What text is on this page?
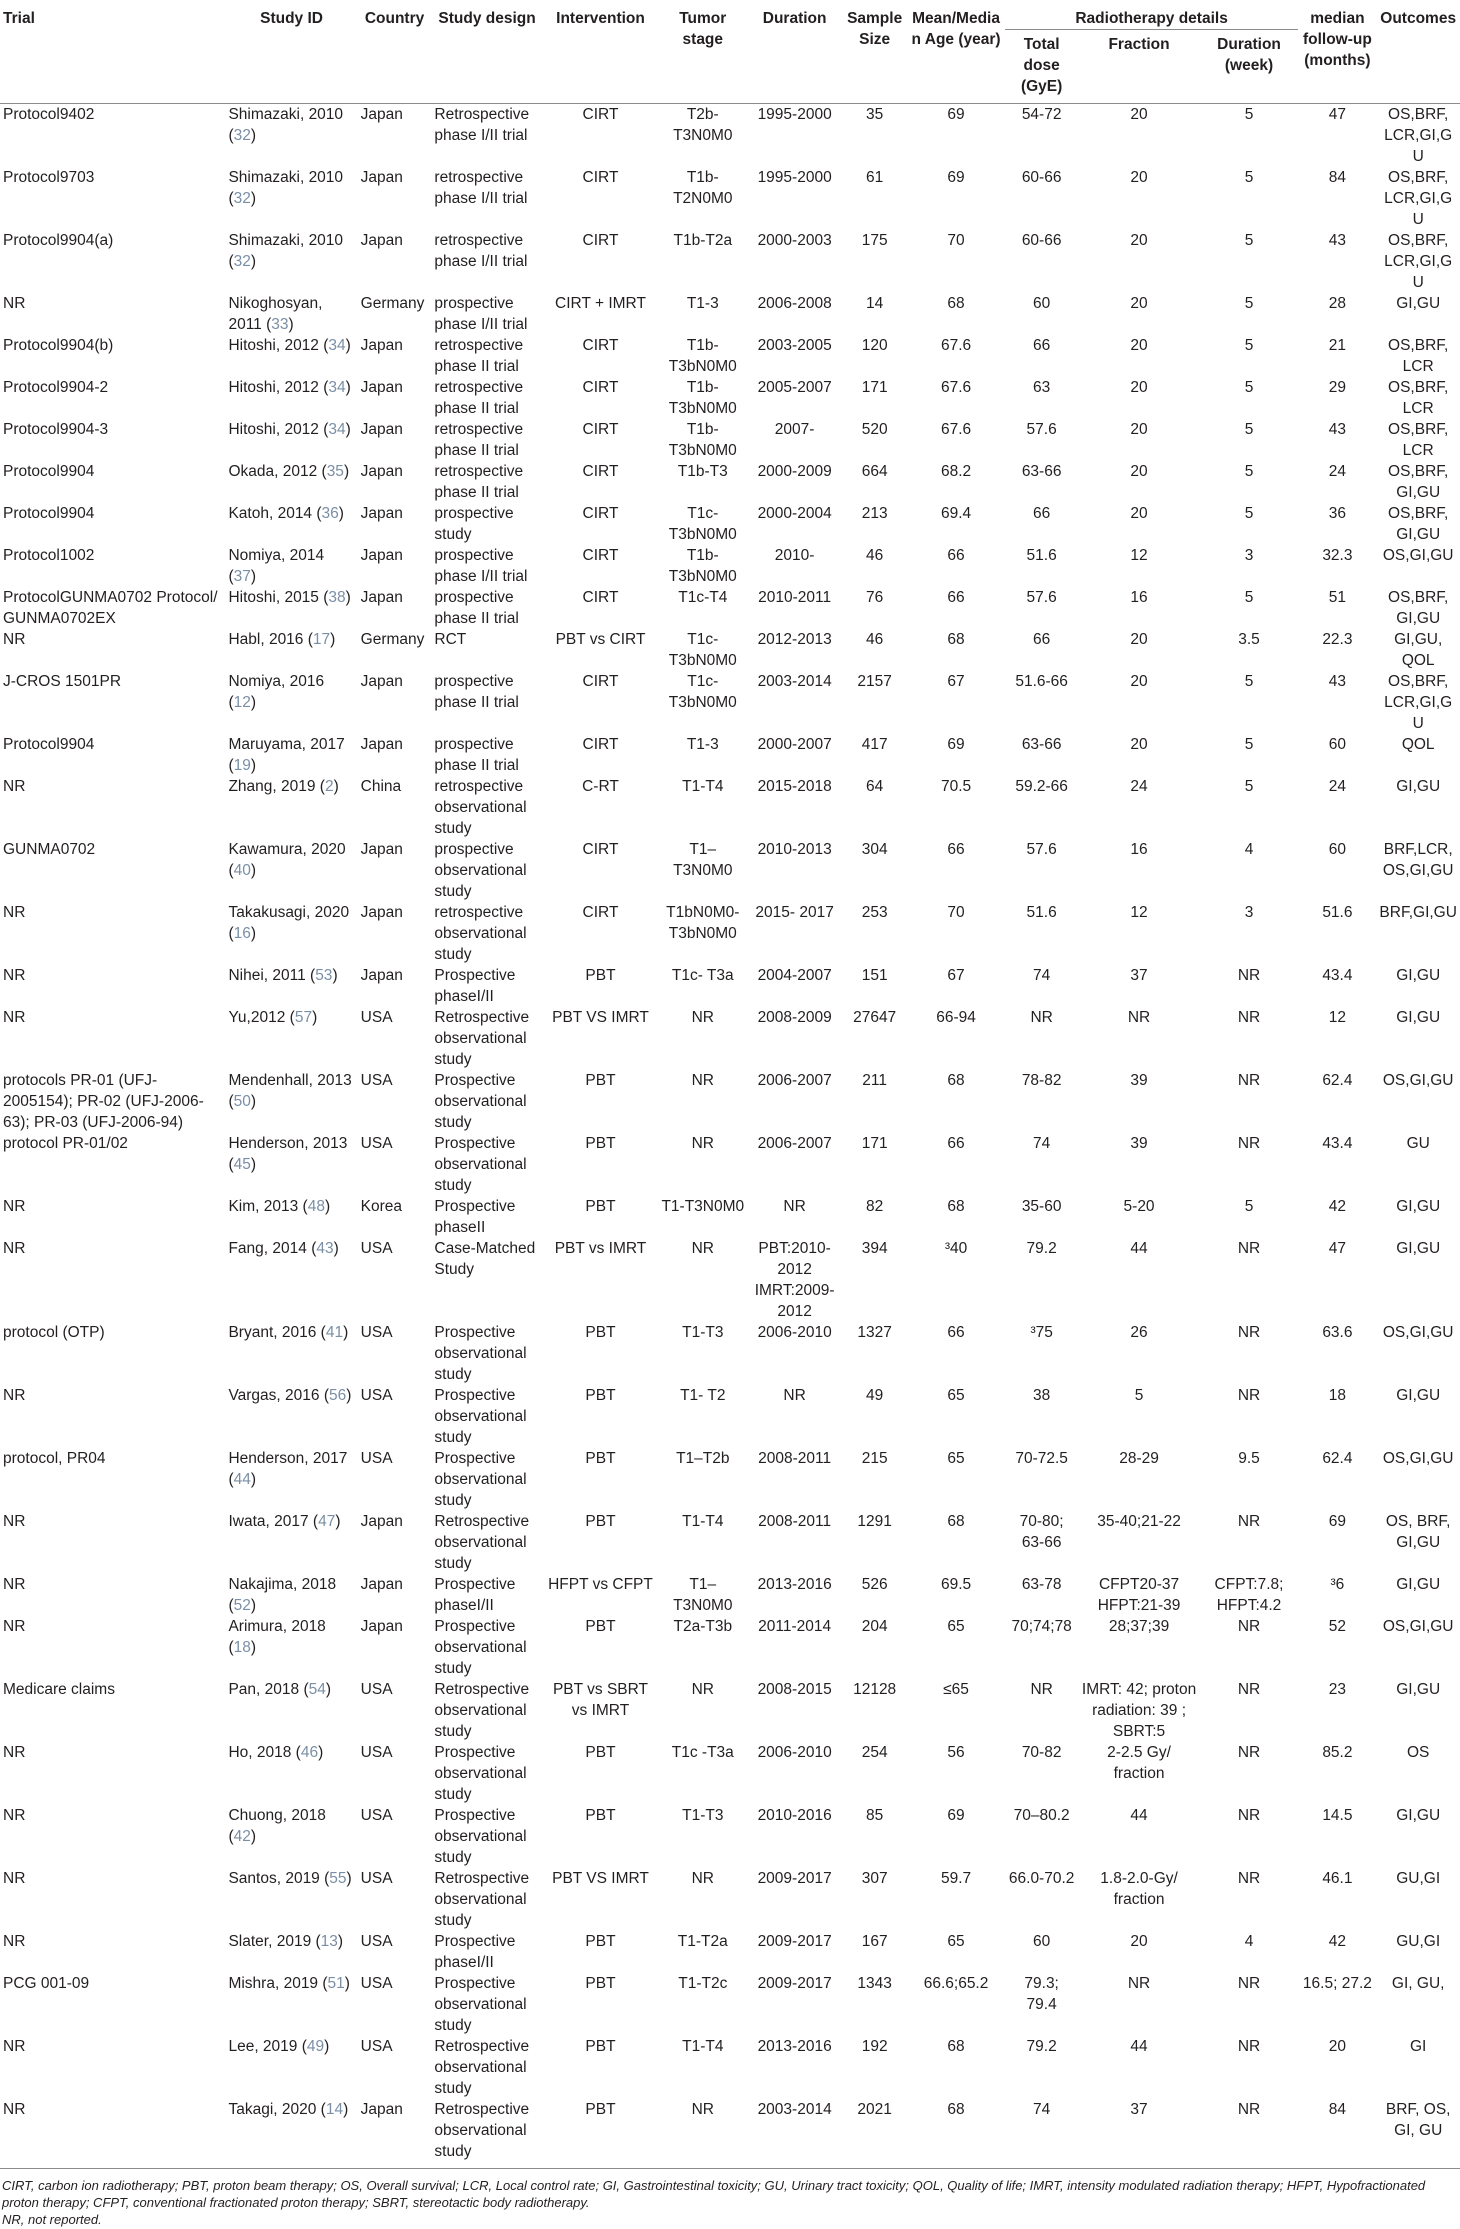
Trial	Study ID	Country	Study design	Intervention	Tumor stage	Duration	Sample Size	Mean/Median Age (year)	Radiotherapy details			median follow-up (months)	Outcomes
									Total dose (GyE)	Fraction	Duration (week)		
Protocol9402	Shimazaki, 2010 (32)	Japan	Retrospective phase I/II trial	CIRT	T2b-T3N0M0	1995-2000	35	69	54-72	20	5	47	OS,BRF, LCR,GI,GU
Protocol9703	Shimazaki, 2010 (32)	Japan	retrospective phase I/II trial	CIRT	T1b-T2N0M0	1995-2000	61	69	60-66	20	5	84	OS,BRF, LCR,GI,GU
Protocol9904(a)	Shimazaki, 2010 (32)	Japan	retrospective phase I/II trial	CIRT	T1b-T2a	2000-2003	175	70	60-66	20	5	43	OS,BRF, LCR,GI,GU
NR	Nikoghosyan, 2011 (33)	Germany	prospective phase I/II trial	CIRT + IMRT	T1-3	2006-2008	14	68	60	20	5	28	GI,GU
Protocol9904(b)	Hitoshi, 2012 (34)	Japan	retrospective phase II trial	CIRT	T1b-T3bN0M0	2003-2005	120	67.6	66	20	5	21	OS,BRF, LCR
Protocol9904-2	Hitoshi, 2012 (34)	Japan	retrospective phase II trial	CIRT	T1b-T3bN0M0	2005-2007	171	67.6	63	20	5	29	OS,BRF, LCR
Protocol9904-3	Hitoshi, 2012 (34)	Japan	retrospective phase II trial	CIRT	T1b-T3bN0M0	2007-	520	67.6	57.6	20	5	43	OS,BRF, LCR
Protocol9904	Okada, 2012 (35)	Japan	retrospective phase II trial	CIRT	T1b-T3	2000-2009	664	68.2	63-66	20	5	24	OS,BRF, GI,GU
Protocol9904	Katoh, 2014 (36)	Japan	prospective study	CIRT	T1c-T3bN0M0	2000-2004	213	69.4	66	20	5	36	OS,BRF, GI,GU
Protocol1002	Nomiya, 2014 (37)	Japan	prospective phase I/II trial	CIRT	T1b-T3bN0M0	2010-	46	66	51.6	12	3	32.3	OS,GI,GU
ProtocolGUNMA0702 Protocol/ GUNMA0702EX	Hitoshi, 2015 (38)	Japan	prospective phase II trial	CIRT	T1c-T4	2010-2011	76	66	57.6	16	5	51	OS,BRF, GI,GU
NR	Habl, 2016 (17)	Germany	RCT	PBT vs CIRT	T1c-T3bN0M0	2012-2013	46	68	66	20	3.5	22.3	GI,GU, QOL
J-CROS 1501PR	Nomiya, 2016 (12)	Japan	prospective phase II trial	CIRT	T1c-T3bN0M0	2003-2014	2157	67	51.6-66	20	5	43	OS,BRF, LCR,GI,GU
Protocol9904	Maruyama, 2017 (19)	Japan	prospective phase II trial	CIRT	T1-3	2000-2007	417	69	63-66	20	5	60	QOL
NR	Zhang, 2019 (2)	China	retrospective observational study	C-RT	T1-T4	2015-2018	64	70.5	59.2-66	24	5	24	GI,GU
GUNMA0702	Kawamura, 2020 (40)	Japan	prospective observational study	CIRT	T1–T3N0M0	2010-2013	304	66	57.6	16	4	60	BRF,LCR, OS,GI,GU
NR	Takakusagi, 2020 (16)	Japan	retrospective observational study	CIRT	T1bN0M0-T3bN0M0	2015- 2017	253	70	51.6	12	3	51.6	BRF,GI,GU
NR	Nihei, 2011 (53)	Japan	Prospective phaseI/II	PBT	T1c- T3a	2004-2007	151	67	74	37	NR	43.4	GI,GU
NR	Yu,2012 (57)	USA	Retrospective observational study	PBT VS IMRT	NR	2008-2009	27647	66-94	NR	NR	NR	12	GI,GU
protocols PR-01 (UFJ-2005154); PR-02 (UFJ-2006-63); PR-03 (UFJ-2006-94)	Mendenhall, 2013 (50)	USA	Prospective observational study	PBT	NR	2006-2007	211	68	78-82	39	NR	62.4	OS,GI,GU
protocol PR-01/02	Henderson, 2013 (45)	USA	Prospective observational study	PBT	NR	2006-2007	171	66	74	39	NR	43.4	GU
NR	Kim, 2013 (48)	Korea	Prospective phaseII	PBT	T1-T3N0M0	NR	82	68	35-60	5-20	5	42	GI,GU
NR	Fang, 2014 (43)	USA	Case-Matched Study	PBT vs IMRT	NR	PBT:2010-2012 IMRT:2009-2012	394	³40	79.2	44	NR	47	GI,GU
protocol (OTP)	Bryant, 2016 (41)	USA	Prospective observational study	PBT	T1-T3	2006-2010	1327	66	³75	26	NR	63.6	OS,GI,GU
NR	Vargas, 2016 (56)	USA	Prospective observational study	PBT	T1- T2	NR	49	65	38	5	NR	18	GI,GU
protocol, PR04	Henderson, 2017 (44)	USA	Prospective observational study	PBT	T1–T2b	2008-2011	215	65	70-72.5	28-29	9.5	62.4	OS,GI,GU
NR	Iwata, 2017 (47)	Japan	Retrospective observational study	PBT	T1-T4	2008-2011	1291	68	70-80; 63-66	35-40;21-22	NR	69	OS, BRF, GI,GU
NR	Nakajima, 2018 (52)	Japan	Prospective phaseI/II	HFPT vs CFPT	T1–T3N0M0	2013-2016	526	69.5	63-78	CFPT20-37 HFPT:21-39	CFPT:7.8; HFPT:4.2	³6	GI,GU
NR	Arimura, 2018 (18)	Japan	Prospective observational study	PBT	T2a-T3b	2011-2014	204	65	70;74;78	28;37;39	NR	52	OS,GI,GU
Medicare claims	Pan, 2018 (54)	USA	Retrospective observational study	PBT vs SBRT vs IMRT	NR	2008-2015	12128	≤65	NR	IMRT: 42; proton radiation: 39 ; SBRT:5	NR	23	GI,GU
NR	Ho, 2018 (46)	USA	Prospective observational study	PBT	T1c -T3a	2006-2010	254	56	70-82	2-2.5 Gy/ fraction	NR	85.2	OS
NR	Chuong, 2018 (42)	USA	Prospective observational study	PBT	T1-T3	2010-2016	85	69	70–80.2	44	NR	14.5	GI,GU
NR	Santos, 2019 (55)	USA	Retrospective observational study	PBT VS IMRT	NR	2009-2017	307	59.7	66.0-70.2	1.8-2.0-Gy/ fraction	NR	46.1	GU,GI
NR	Slater, 2019 (13)	USA	Prospective phaseI/II	PBT	T1-T2a	2009-2017	167	65	60	20	4	42	GU,GI
PCG 001-09	Mishra, 2019 (51)	USA	Prospective observational study	PBT	T1-T2c	2009-2017	1343	66.6;65.2	79.3; 79.4	NR	NR	16.5; 27.2	GI, GU,
NR	Lee, 2019 (49)	USA	Retrospective observational study	PBT	T1-T4	2013-2016	192	68	79.2	44	NR	20	GI
NR	Takagi, 2020 (14)	Japan	Retrospective observational study	PBT	NR	2003-2014	2021	68	74	37	NR	84	BRF, OS, GI, GU
CIRT, carbon ion radiotherapy; PBT, proton beam therapy; OS, Overall survival; LCR, Local control rate; GI, Gastrointestinal toxicity; GU, Urinary tract toxicity; QOL, Quality of life; IMRT, intensity modulated radiation therapy; HFPT, Hypofractionated proton therapy; CFPT, conventional fractionated proton therapy; SBRT, stereotactic body radiotherapy.
NR, not reported.
